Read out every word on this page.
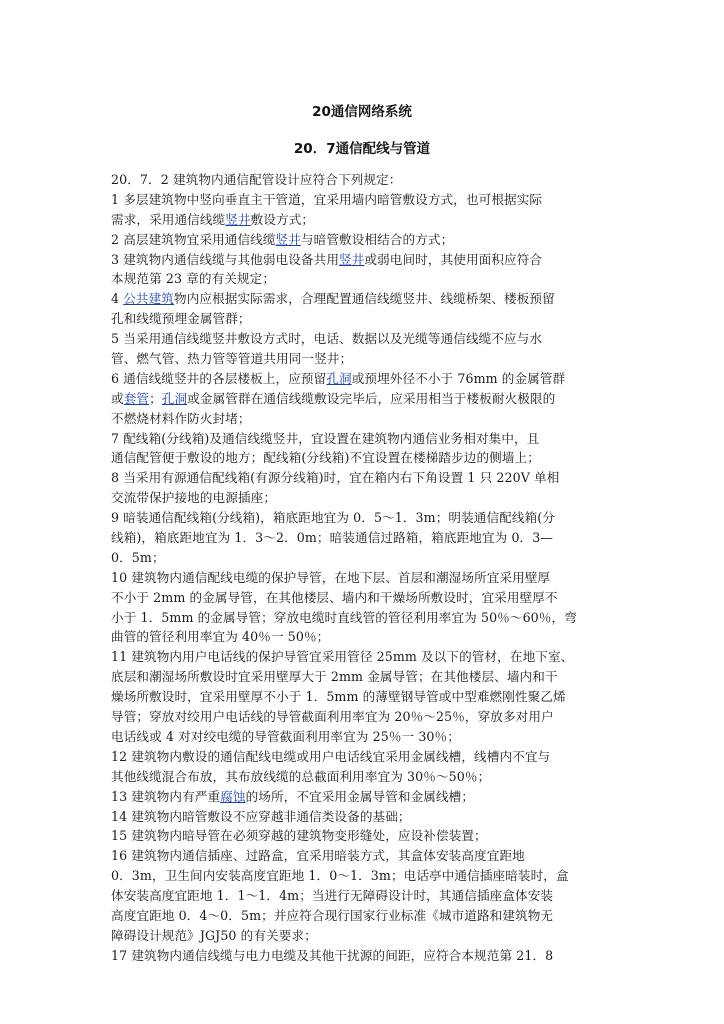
20通信网络系统
20．7通信配线与管道
20．7．2 建筑物内通信配管设计应符合下列规定：
1 多层建筑物中竖向垂直主干管道，宜采用墙内暗管敷设方式，也可根据实际
需求，采用通信线缆竖井敷设方式；
2 高层建筑物宜采用通信线缆竖井与暗管敷设相结合的方式；
3 建筑物内通信线缆与其他弱电设备共用竖井或弱电间时，其使用面积应符合
本规范第 23 章的有关规定；
4 公共建筑物内应根据实际需求，合理配置通信线缆竖井、线缆桥架、楼板预留
孔和线缆预埋金属管群；
5 当采用通信线缆竖井敷设方式时，电话、数据以及光缆等通信线缆不应与水
管、燃气管、热力管等管道共用同一竖井；
6 通信线缆竖井的各层楼板上，应预留孔洞或预埋外径不小于 76mm 的金属管群
或套管；孔洞或金属管群在通信线缆敷设完毕后，应采用相当于楼板耐火极限的
不燃烧材料作防火封堵；
7 配线箱(分线箱)及通信线缆竖井，宜设置在建筑物内通信业务相对集中，且
通信配管便于敷设的地方；配线箱(分线箱)不宜设置在楼梯踏步边的侧墙上；
8 当采用有源通信配线箱(有源分线箱)时，宜在箱内右下角设置 1 只 220V 单相
交流带保护接地的电源插座；
9 暗装通信配线箱(分线箱)，箱底距地宜为 0．5～1．3m；明装通信配线箱(分
线箱)，箱底距地宜为 1．3～2．0m；暗装通信过路箱，箱底距地宜为 0．3—
0．5m；
10 建筑物内通信配线电缆的保护导管，在地下层、首层和潮湿场所宜采用壁厚
不小于 2mm 的金属导管，在其他楼层、墙内和干燥场所敷设时，宜采用壁厚不
小于 1．5mm 的金属导管；穿放电缆时直线管的管径利用率宜为 50％～60％，弯
曲管的管径利用率宜为 40％一 50％；
11 建筑物内用户电话线的保护导管宜采用管径 25mm 及以下的管材，在地下室、
底层和潮湿场所敷设时宜采用壁厚大于 2mm 金属导管；在其他楼层、墙内和干
燥场所敷设时，宜采用壁厚不小于 1．5mm 的薄壁钢导管或中型难燃刚性聚乙烯
导管；穿放对绞用户电话线的导管截面利用率宜为 20％～25％，穿放多对用户
电话线或 4 对对绞电缆的导管截面利用率宜为 25％一 30％；
12 建筑物内敷设的通信配线电缆或用户电话线宜采用金属线槽，线槽内不宜与
其他线缆混合布放，其布放线缆的总截面利用率宜为 30％～50％；
13 建筑物内有严重腐蚀的场所，不宜采用金属导管和金属线槽；
14 建筑物内暗管敷设不应穿越非通信类设备的基础；
15 建筑物内暗导管在必须穿越的建筑物变形缝处，应设补偿装置；
16 建筑物内通信插座、过路盒，宜采用暗装方式，其盒体安装高度宜距地
0．3m，卫生间内安装高度宜距地 1．0～1．3m；电话亭中通信插座暗装时，盒
体安装高度宜距地 1．1～1．4m；当进行无障碍设计时，其通信插座盒体安装
高度宜距地 0．4～0．5m；并应符合现行国家行业标准《城市道路和建筑物无
障碍设计规范》JGJ50 的有关要求；
17 建筑物内通信线缆与电力电缆及其他干扰源的间距，应符合本规范第 21．8
